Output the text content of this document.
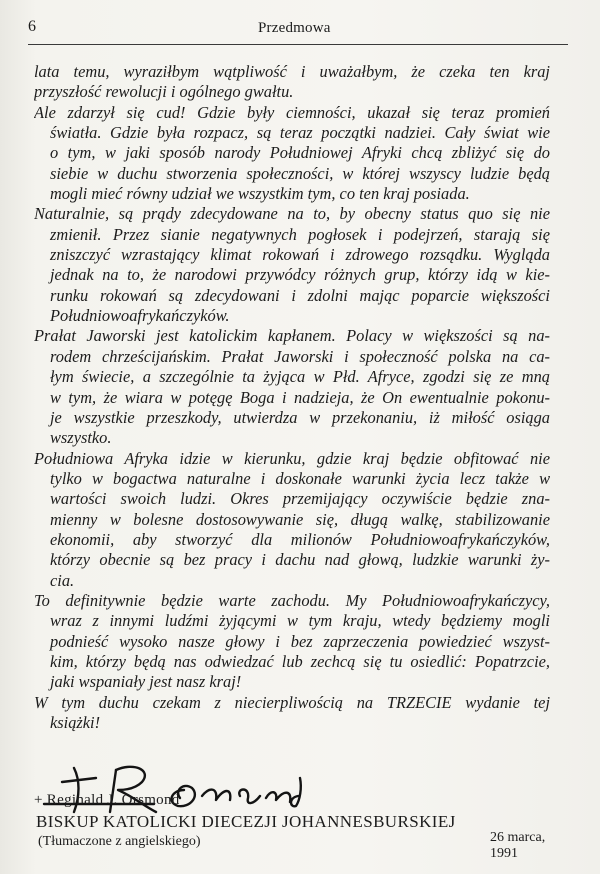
6	Przedmowa
lata temu, wyraziłbym wątpliwość i uważałbym, że czeka ten kraj
przyszłość rewolucji i ogólnego gwałtu.
Ale zdarzył się cud! Gdzie były ciemności, ukazał się teraz promień
światła. Gdzie była rozpacz, są teraz początki nadziei. Cały świat wie
o tym, w jaki sposób narody Południowej Afryki chcą zbliżyć się do
siebie w duchu stworzenia społeczności, w której wszyscy ludzie będą
mogli mieć równy udział we wszystkim tym, co ten kraj posiada.
Naturalnie, są prądy zdecydowane na to, by obecny status quo się nie
zmienił. Przez sianie negatywnych pogłosek i podejrzeń, starają się
zniszczyć wzrastający klimat rokowań i zdrowego rozsądku. Wygląda
jednak na to, że narodowi przywódcy różnych grup, którzy idą w kie-
runku rokowań są zdecydowani i zdolni mając poparcie większości
Południowoafrykańczyków.
Prałat Jaworski jest katolickim kapłanem. Polacy w większości są na-
rodem chrześcijańskim. Prałat Jaworski i społeczność polska na ca-
łym świecie, a szczególnie ta żyjąca w Płd. Afryce, zgodzi się ze mną
w tym, że wiara w potęgę Boga i nadzieja, że On ewentualnie pokonu-
je wszystkie przeszkody, utwierdza w przekonaniu, iż miłość osiąga
wszystko.
Południowa Afryka idzie w kierunku, gdzie kraj będzie obfitować nie
tylko w bogactwa naturalne i doskonałe warunki życia lecz także w
wartości swoich ludzi. Okres przemijający oczywiście będzie zna-
mienny w bolesne dostosowywanie się, długą walkę, stabilizowanie
ekonomii, aby stworzyć dla milionów Południowoafrykańczyków,
którzy obecnie są bez pracy i dachu nad głową, ludzkie warunki ży-
cia.
To definitywnie będzie warte zachodu. My Południowoafrykańczycy,
wraz z innymi ludźmi żyjącymi w tym kraju, wtedy będziemy mogli
podnieść wysoko nasze głowy i bez zaprzeczenia powiedzieć wszyst-
kim, którzy będą nas odwiedzać lub zechcą się tu osiedlić: Popatrzcie,
jaki wspaniały jest nasz kraj!
W tym duchu czekam z niecierpliwością na TRZECIE wydanie tej
książki!
+ Reginald J. Orsmond
BISKUP KATOLICKI DIECEZJI JOHANNESBURSKIEJ
26 marca, 1991
(Tłumaczone z angielskiego)
